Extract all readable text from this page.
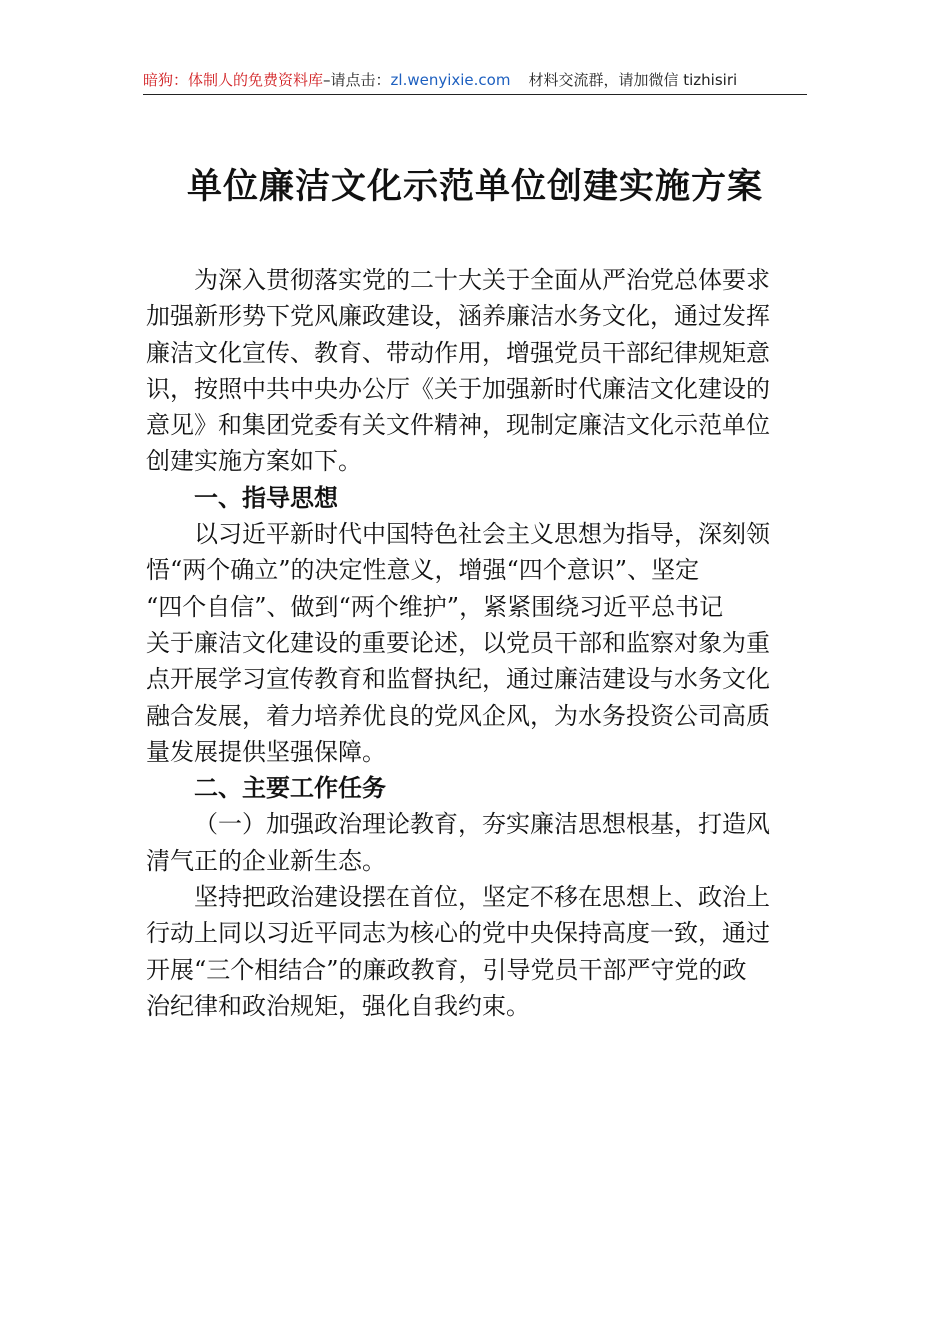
暗狗：体制人的免费资料库–请点击：zl.wenyixie.com 材料交流群，请加微信 tizhisiri
单位廉洁文化示范单位创建实施方案

为深入贯彻落实党的二十大关于全面从严治党总体要求
加强新形势下党风廉政建设，涵养廉洁水务文化，通过发挥
廉洁文化宣传、教育、带动作用，增强党员干部纪律规矩意
识，按照中共中央办公厅《关于加强新时代廉洁文化建设的
意见》和集团党委有关文件精神，现制定廉洁文化示范单位
创建实施方案如下。

一、指导思想

以习近平新时代中国特色社会主义思想为指导，深刻领
悟“两个确立”的决定性意义，增强“四个意识”、坚定
“四个自信”、做到“两个维护”，紧紧围绕习近平总书记
关于廉洁文化建设的重要论述，以党员干部和监察对象为重
点开展学习宣传教育和监督执纪，通过廉洁建设与水务文化
融合发展，着力培养优良的党风企风，为水务投资公司高质
量发展提供坚强保障。

二、主要工作任务

（一）加强政治理论教育，夯实廉洁思想根基，打造风
清气正的企业新生态。

坚持把政治建设摆在首位，坚定不移在思想上、政治上
行动上同以习近平同志为核心的党中央保持高度一致，通过
开展“三个相结合”的廉政教育，引导党员干部严守党的政
治纪律和政治规矩，强化自我约束。
